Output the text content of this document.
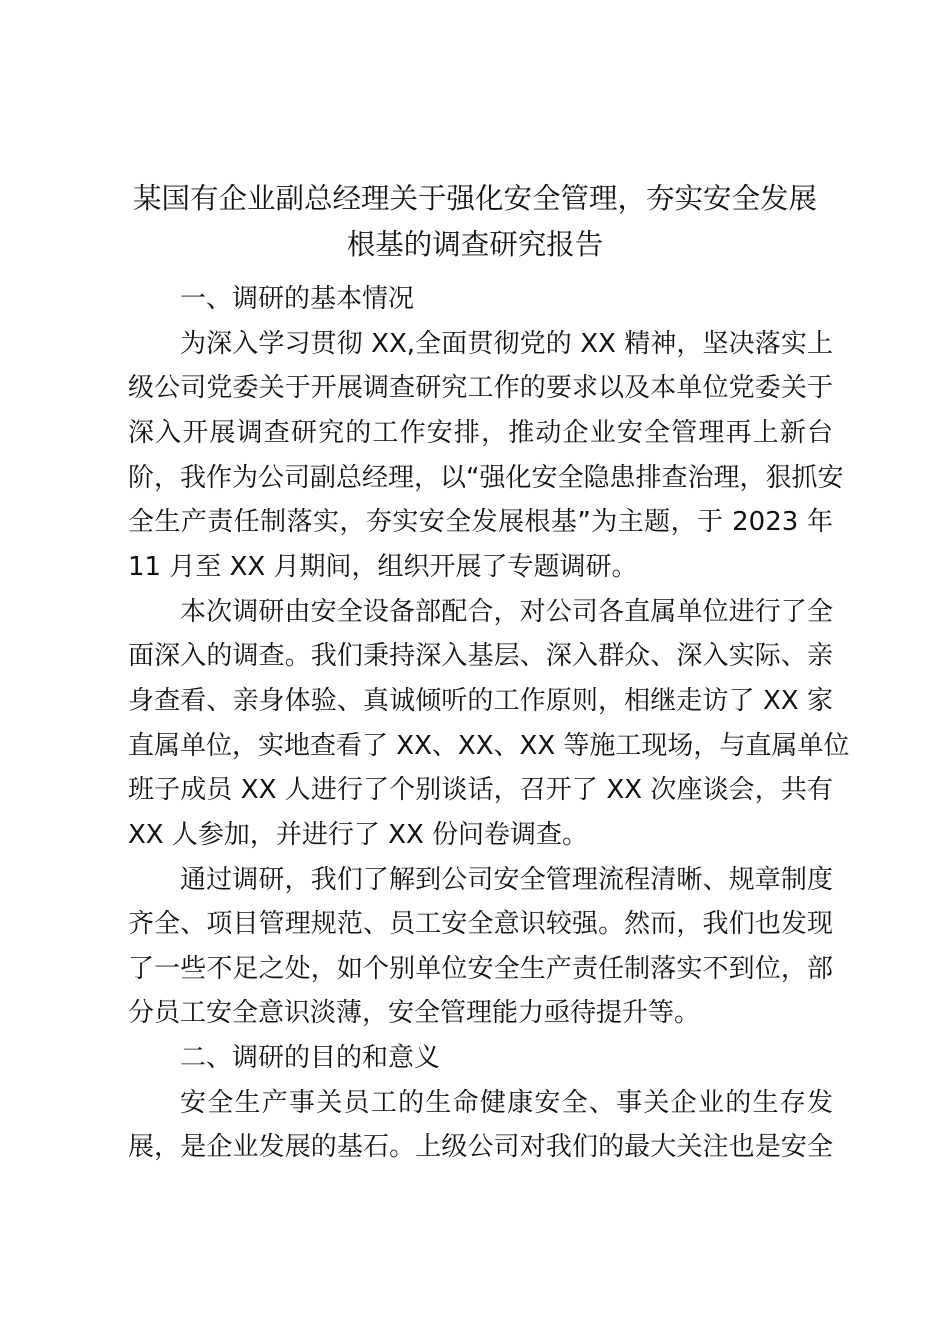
某国有企业副总经理关于强化安全管理，夯实安全发展
根基的调查研究报告
一、调研的基本情况
为深入学习贯彻 XX,全面贯彻党的 XX 精神，坚决落实上
级公司党委关于开展调查研究工作的要求以及本单位党委关于
深入开展调查研究的工作安排，推动企业安全管理再上新台
阶，我作为公司副总经理，以“强化安全隐患排查治理，狠抓安
全生产责任制落实，夯实安全发展根基”为主题，于 2023 年
11 月至 XX 月期间，组织开展了专题调研。
本次调研由安全设备部配合，对公司各直属单位进行了全
面深入的调查。我们秉持深入基层、深入群众、深入实际、亲
身查看、亲身体验、真诚倾听的工作原则，相继走访了 XX 家
直属单位，实地查看了 XX、XX、XX 等施工现场，与直属单位
班子成员 XX 人进行了个别谈话，召开了 XX 次座谈会，共有
XX 人参加，并进行了 XX 份问卷调查。
通过调研，我们了解到公司安全管理流程清晰、规章制度
齐全、项目管理规范、员工安全意识较强。然而，我们也发现
了一些不足之处，如个别单位安全生产责任制落实不到位，部
分员工安全意识淡薄，安全管理能力亟待提升等。
二、调研的目的和意义
安全生产事关员工的生命健康安全、事关企业的生存发
展，是企业发展的基石。上级公司对我们的最大关注也是安全
